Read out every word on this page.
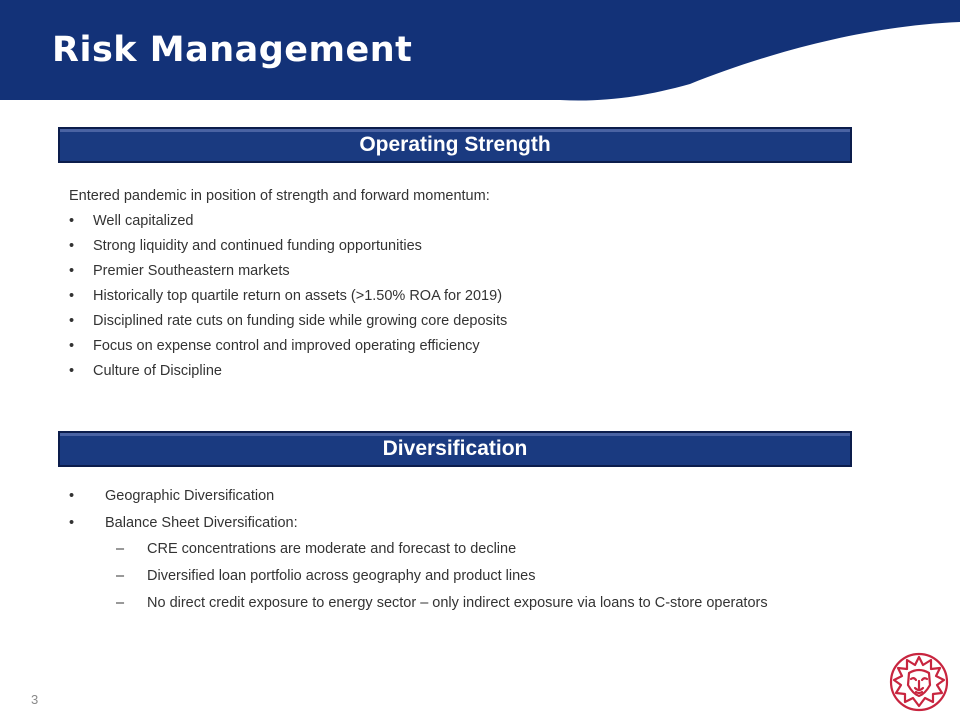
Risk Management
Operating Strength

Entered pandemic in position of strength and forward momentum:

• Well capitalized
• Strong liquidity and continued funding opportunities
• Premier Southeastern markets
• Historically top quartile return on assets (>1.50% ROA for 2019)
• Disciplined rate cuts on funding side while growing core deposits
• Focus on expense control and improved operating efficiency
• Culture of Discipline
Diversification
• Geographic Diversification
• Balance Sheet Diversification:
– CRE concentrations are moderate and forecast to decline
– Diversified loan portfolio across geography and product lines
– No direct credit exposure to energy sector – only indirect exposure via loans to C-store operators
3
